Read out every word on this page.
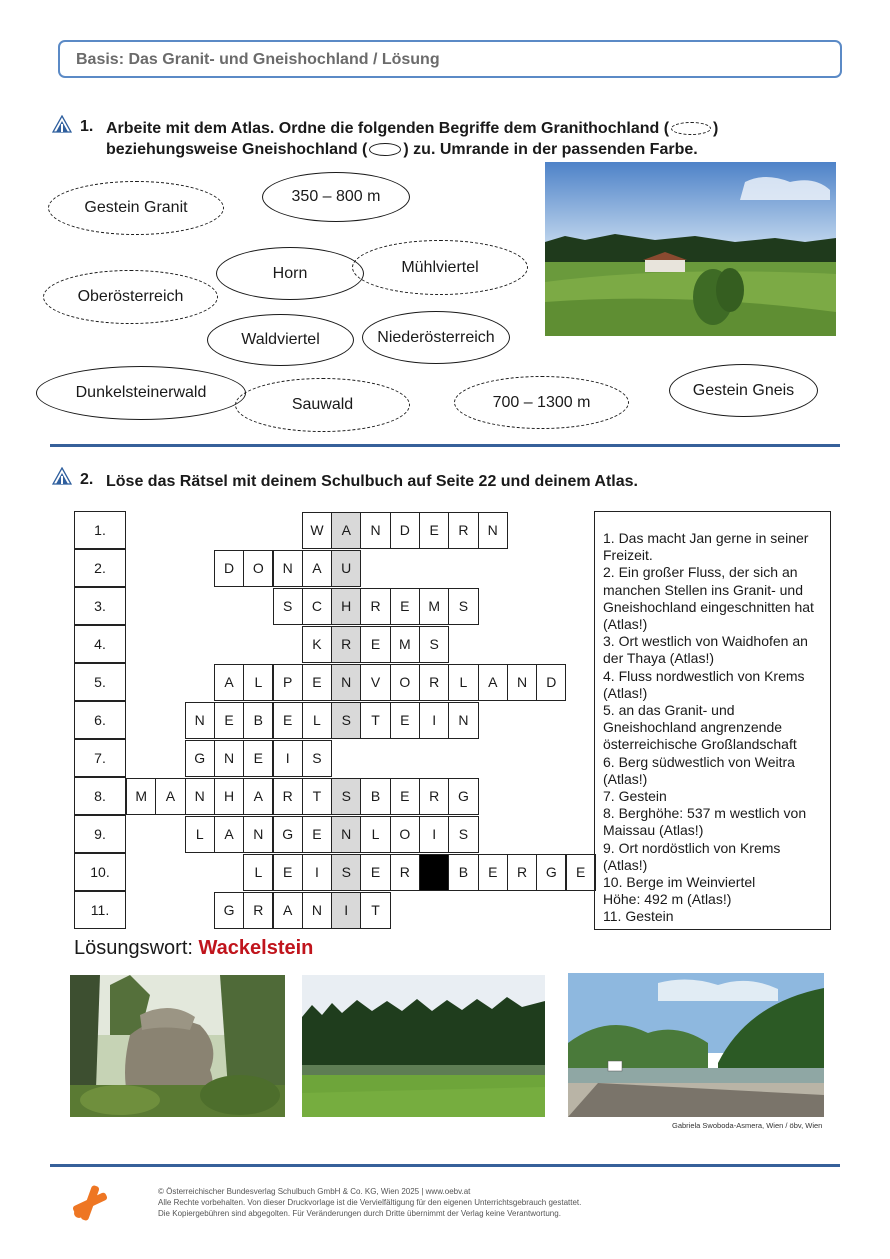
Basis: Das Granit- und Gneishochland / Lösung
1. Arbeite mit dem Atlas. Ordne die folgenden Begriffe dem Granithochland (	)
beziehungsweise Gneishochland ( ) zu. Umrande in der passenden Farbe.
Gestein Granit
350 – 800 m
Horn	Mühlviertel
Oberösterreich
Waldviertel	Niederösterreich
Dunkelsteinerwald
Sauwald	700 – 1300 m
Gestein Gneis
2. Löse das Rätsel mit deinem Schulbuch auf Seite 22 und deinem Atlas.
1.	W	A	N	D	E	R	N
2.	D	O	N	A	U
3.	S	C	H	R	E	M	S
4.	K	R	E	M	S
5.	A	L	P	E	N	V	O	R	L	A	N	D
6.	N	E	B	E	L	S	T	E	I	N
7.	G	N	E	I	S
8.	M	A	N	H	A	R	T	S	B	E	R	G
9.	L	A	N	G	E	N	L	O	I	S
10.	L	E	I	S	E	R	B	E	R	G	E
11.	G	R	A	N	I	T
1. Das macht Jan gerne in seiner Freizeit.
2. Ein großer Fluss, der sich an manchen Stellen ins Granit- und Gneishochland eingeschnitten hat (Atlas!)
3. Ort westlich von Waidhofen an der Thaya (Atlas!)
4. Fluss nordwestlich von Krems (Atlas!)
5. an das Granit- und Gneishochland angrenzende österreichische Großlandschaft
6. Berg südwestlich von Weitra (Atlas!)
7. Gestein
8. Berghöhe: 537 m westlich von Maissau (Atlas!)
9. Ort nordöstlich von Krems (Atlas!)
10. Berge im Weinviertel
Höhe: 492 m (Atlas!)
11. Gestein
Lösungswort: Wackelstein
Gabriela Swoboda-Asmera, Wien / öbv, Wien
© Österreichischer Bundesverlag Schulbuch GmbH & Co. KG, Wien 2025 | www.oebv.at
Alle Rechte vorbehalten. Von dieser Druckvorlage ist die Vervielfältigung für den eigenen Unterrichtsgebrauch gestattet.
Die Kopiergebühren sind abgegolten. Für Veränderungen durch Dritte übernimmt der Verlag keine Verantwortung.
